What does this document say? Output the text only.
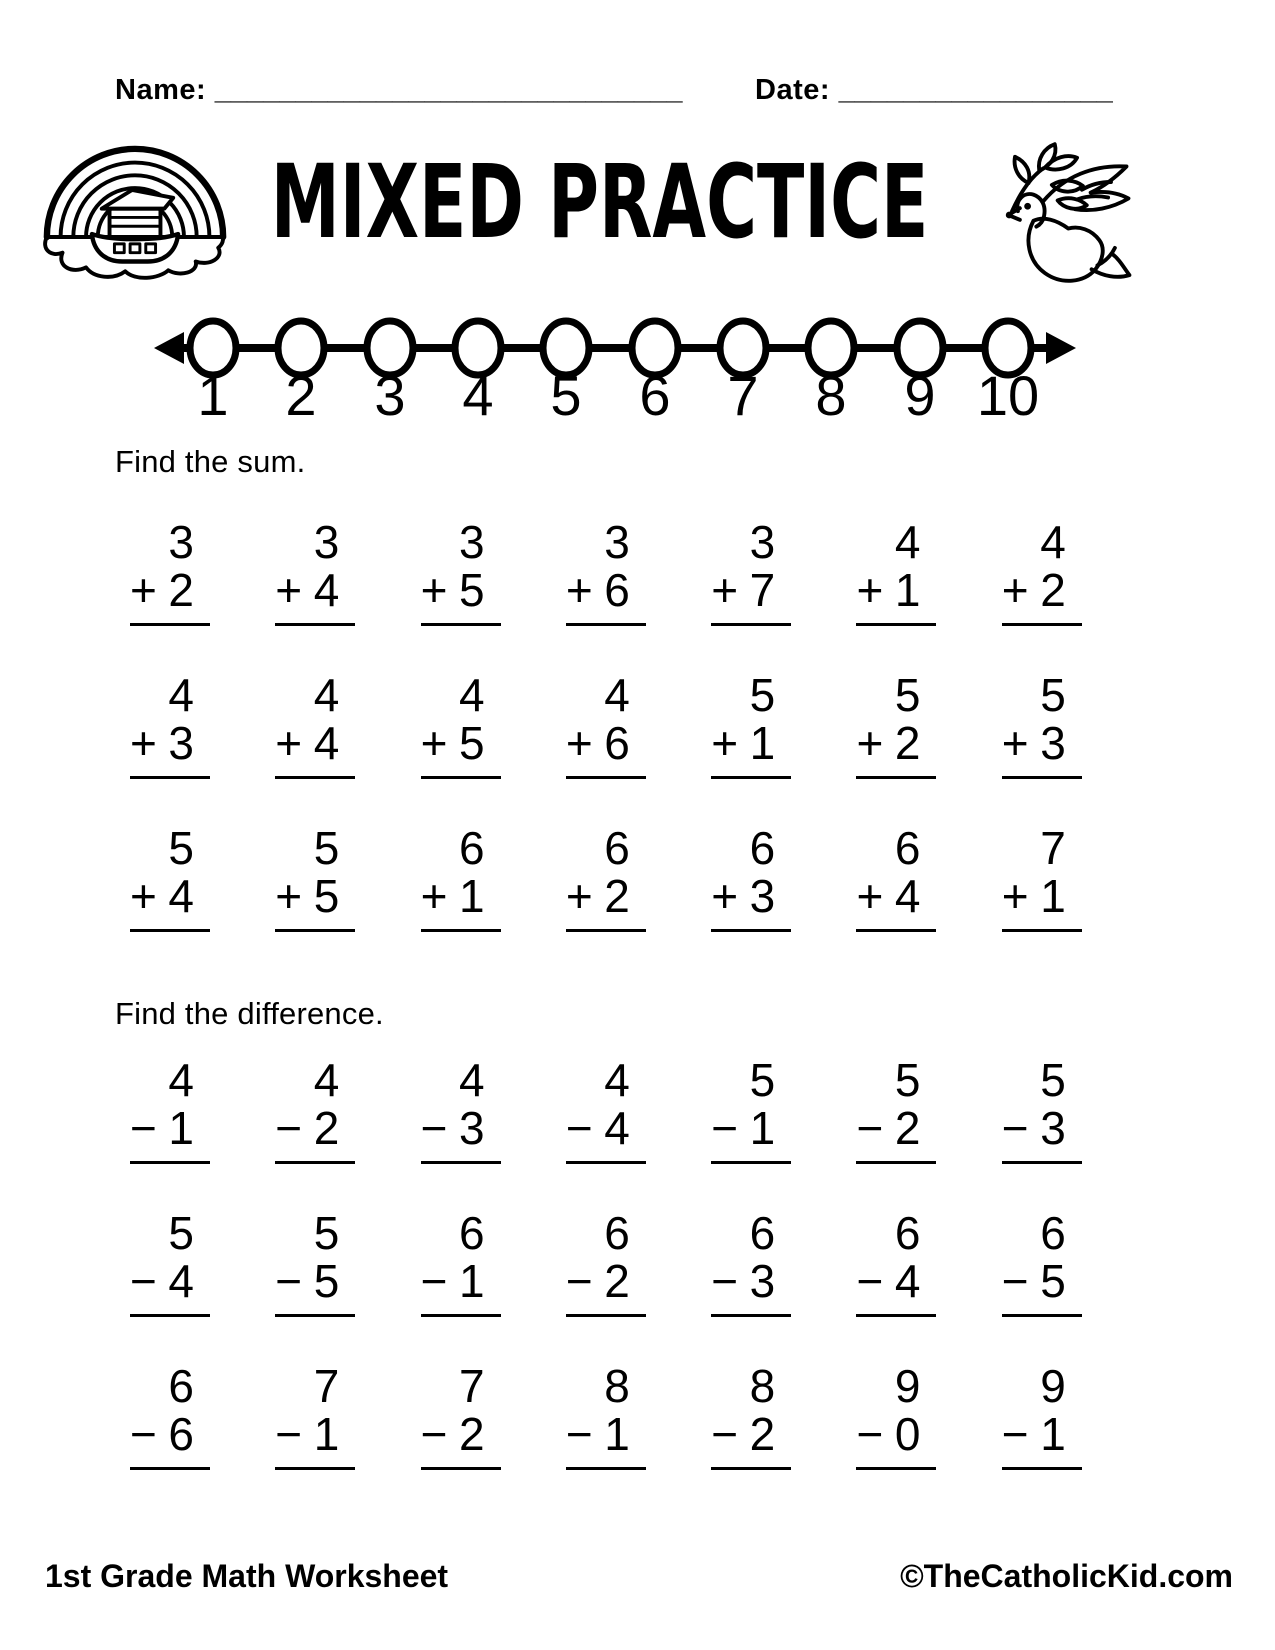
Name: _____________________________	Date: _________________
MIXED PRACTICE
1 2 3 4 5 6 7 8 9 10
Find the sum.
3
+ 2
3
+ 4
3
+ 5
3
+ 6
3
+ 7
4
+ 1
4
+ 2
4
+ 3
4
+ 4
4
+ 5
4
+ 6
5
+ 1
5
+ 2
5
+ 3
5
+ 4
5
+ 5
6
+ 1
6
+ 2
6
+ 3
6
+ 4
7
+ 1
Find the difference.
4
− 1
4
− 2
4
− 3
4
− 4
5
− 1
5
− 2
5
− 3
5
− 4
5
− 5
6
− 1
6
− 2
6
− 3
6
− 4
6
− 5
6
− 6
7
− 1
7
− 2
8
− 1
8
− 2
9
− 0
9
− 1
1st Grade Math Worksheet	©TheCatholicKid.com
